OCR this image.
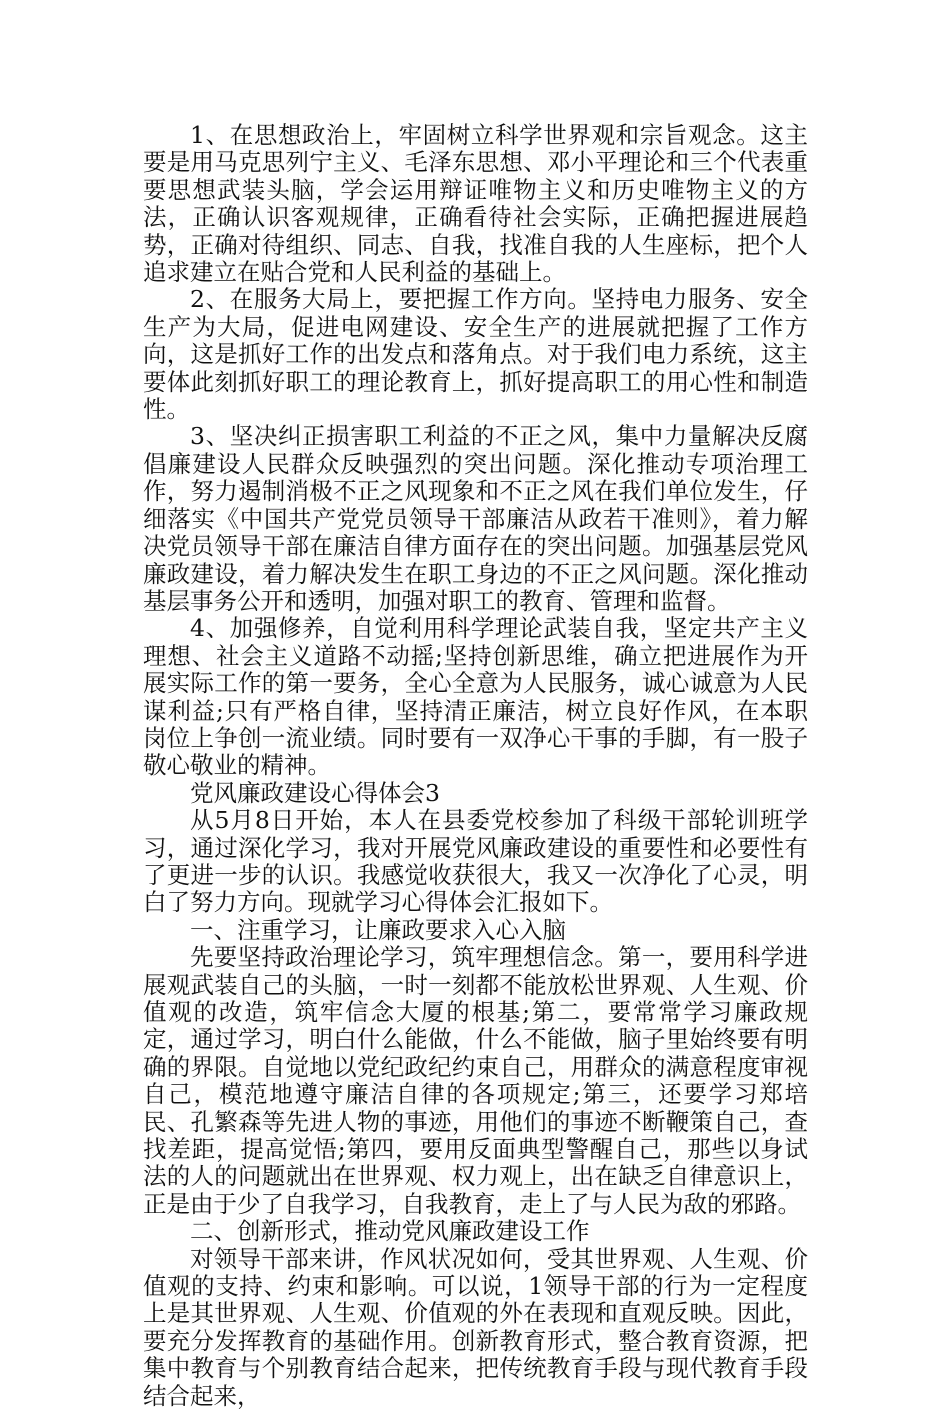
1、在思想政治上，牢固树立科学世界观和宗旨观念。这主要是用马克思列宁主义、毛泽东思想、邓小平理论和三个代表重要思想武装头脑，学会运用辩证唯物主义和历史唯物主义的方法，正确认识客观规律，正确看待社会实际，正确把握进展趋势，正确对待组织、同志、自我，找准自我的人生座标，把个人追求建立在贴合党和人民利益的基础上。

2、在服务大局上，要把握工作方向。坚持电力服务、安全生产为大局，促进电网建设、安全生产的进展就把握了工作方向，这是抓好工作的出发点和落角点。对于我们电力系统，这主要体此刻抓好职工的理论教育上，抓好提高职工的用心性和制造性。

3、坚决纠正损害职工利益的不正之风，集中力量解决反腐倡廉建设人民群众反映强烈的突出问题。深化推动专项治理工作，努力遏制消极不正之风现象和不正之风在我们单位发生，仔细落实《中国共产党党员领导干部廉洁从政若干准则》，着力解决党员领导干部在廉洁自律方面存在的突出问题。加强基层党风廉政建设，着力解决发生在职工身边的不正之风问题。深化推动基层事务公开和透明，加强对职工的教育、管理和监督。

4、加强修养，自觉利用科学理论武装自我，坚定共产主义理想、社会主义道路不动摇;坚持创新思维，确立把进展作为开展实际工作的第一要务，全心全意为人民服务，诚心诚意为人民谋利益;只有严格自律，坚持清正廉洁，树立良好作风，在本职岗位上争创一流业绩。同时要有一双净心干事的手脚，有一股子敬心敬业的精神。

党风廉政建设心得体会3

从5月8日开始，本人在县委党校参加了科级干部轮训班学习，通过深化学习，我对开展党风廉政建设的重要性和必要性有了更进一步的认识。我感觉收获很大，我又一次净化了心灵，明白了努力方向。现就学习心得体会汇报如下。

一、注重学习，让廉政要求入心入脑

先要坚持政治理论学习，筑牢理想信念。第一，要用科学进展观武装自己的头脑，一时一刻都不能放松世界观、人生观、价值观的改造，筑牢信念大厦的根基;第二，要常常学习廉政规定，通过学习，明白什么能做，什么不能做，脑子里始终要有明确的界限。自觉地以党纪政纪约束自己，用群众的满意程度审视自己，模范地遵守廉洁自律的各项规定;第三，还要学习郑培民、孔繁森等先进人物的事迹，用他们的事迹不断鞭策自己，查找差距，提高觉悟;第四，要用反面典型警醒自己，那些以身试法的人的问题就出在世界观、权力观上，出在缺乏自律意识上，正是由于少了自我学习，自我教育，走上了与人民为敌的邪路。

二、创新形式，推动党风廉政建设工作

对领导干部来讲，作风状况如何，受其世界观、人生观、价值观的支持、约束和影响。可以说，1领导干部的行为一定程度上是其世界观、人生观、价值观的外在表现和直观反映。因此，要充分发挥教育的基础作用。创新教育形式，整合教育资源，把集中教育与个别教育结合起来，把传统教育手段与现代教育手段结合起来，
